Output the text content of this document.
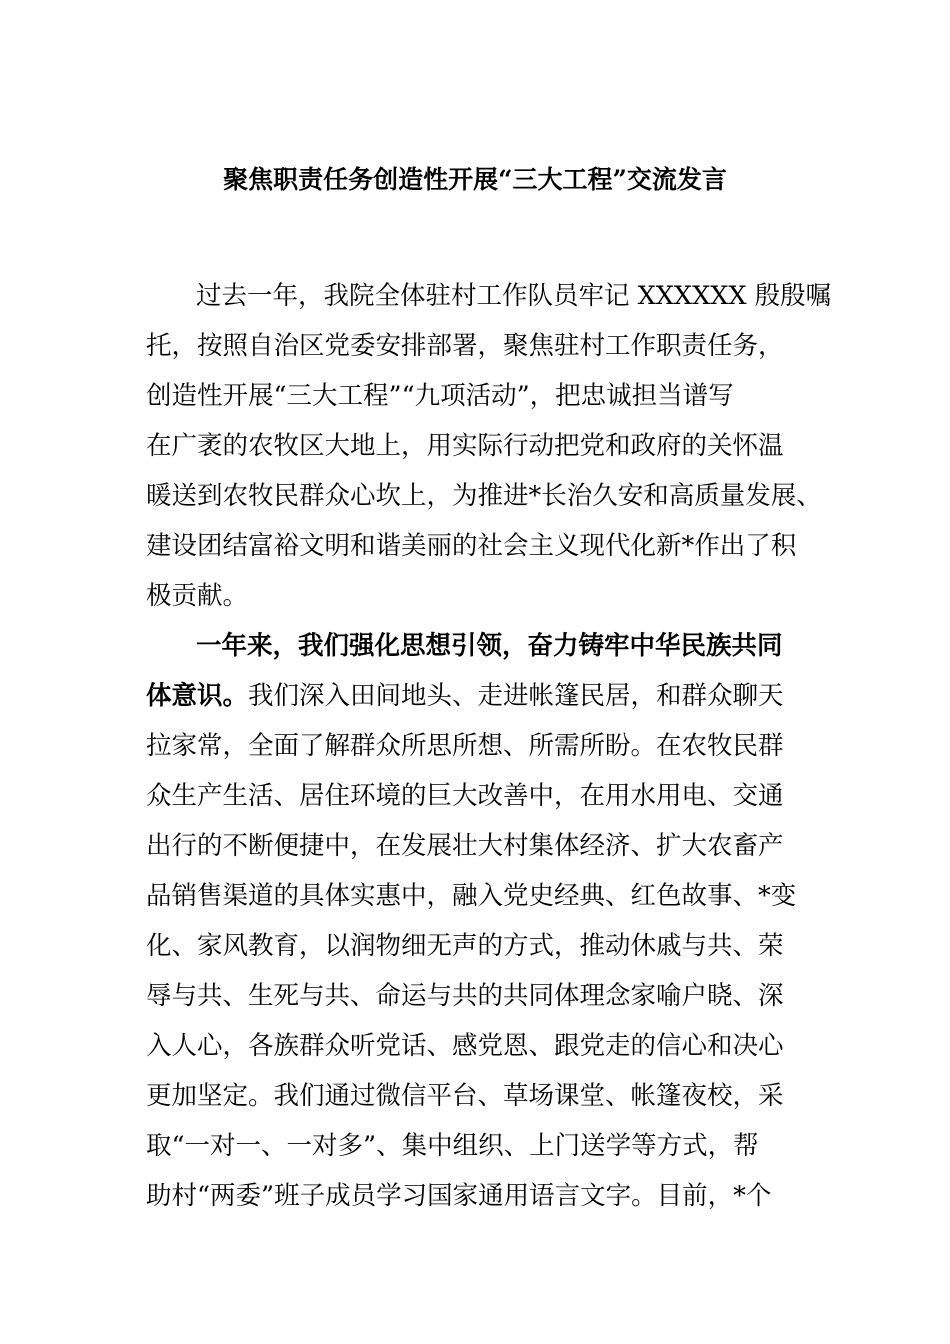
聚焦职责任务创造性开展“三大工程”交流发言
过去一年，我院全体驻村工作队员牢记 XXXXXX 殷殷嘱
托，按照自治区党委安排部署，聚焦驻村工作职责任务，
创造性开展“三大工程”“九项活动”，把忠诚担当谱写
在广袤的农牧区大地上，用实际行动把党和政府的关怀温
暖送到农牧民群众心坎上，为推进*长治久安和高质量发展、
建设团结富裕文明和谐美丽的社会主义现代化新*作出了积
极贡献。
一年来，我们强化思想引领，奋力铸牢中华民族共同
体意识。我们深入田间地头、走进帐篷民居，和群众聊天
拉家常，全面了解群众所思所想、所需所盼。在农牧民群
众生产生活、居住环境的巨大改善中，在用水用电、交通
出行的不断便捷中，在发展壮大村集体经济、扩大农畜产
品销售渠道的具体实惠中，融入党史经典、红色故事、*变
化、家风教育，以润物细无声的方式，推动休戚与共、荣
辱与共、生死与共、命运与共的共同体理念家喻户晓、深
入人心，各族群众听党话、感党恩、跟党走的信心和决心
更加坚定。我们通过微信平台、草场课堂、帐篷夜校，采
取“一对一、一对多”、集中组织、上门送学等方式，帮
助村“两委”班子成员学习国家通用语言文字。目前，*个
